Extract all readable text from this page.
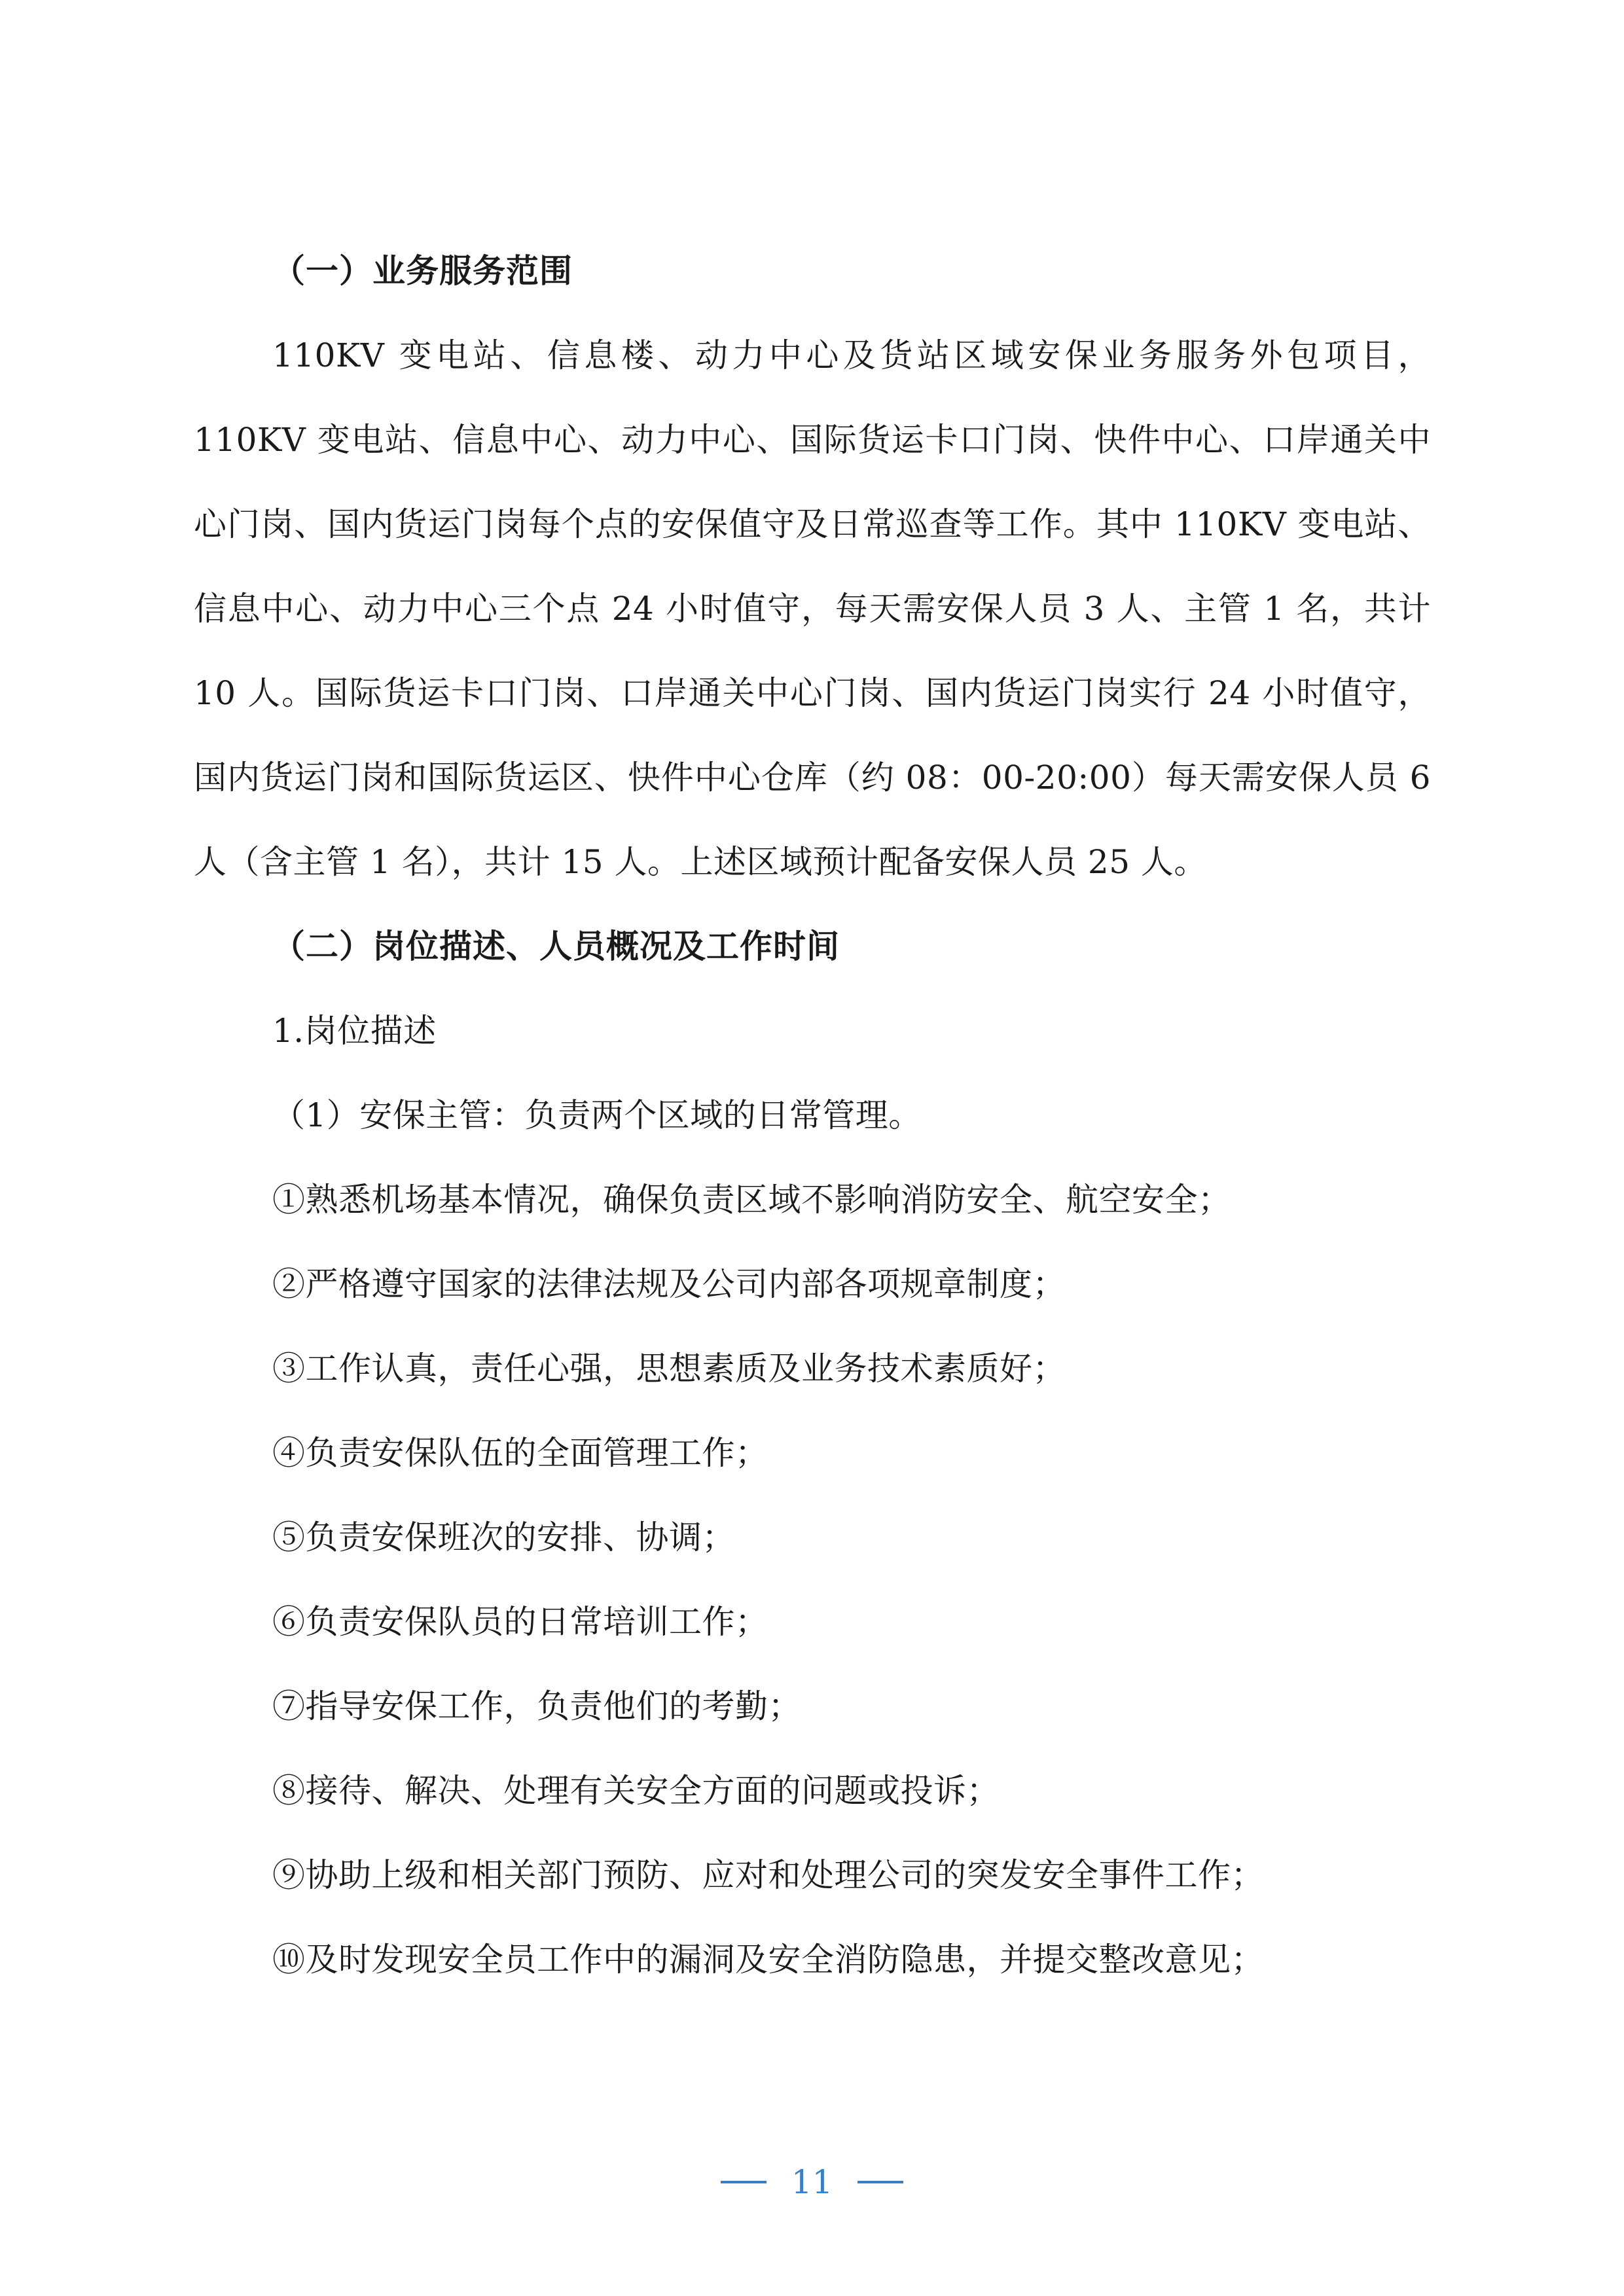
（一）业务服务范围

110KV 变电站、信息楼、动力中心及货站区域安保业务服务外包项目，110KV 变电站、信息中心、动力中心、国际货运卡口门岗、快件中心、口岸通关中心门岗、国内货运门岗每个点的安保值守及日常巡查等工作。其中 110KV 变电站、信息中心、动力中心三个点 24 小时值守，每天需安保人员 3 人、主管 1 名，共计 10 人。国际货运卡口门岗、口岸通关中心门岗、国内货运门岗实行 24 小时值守，国内货运门岗和国际货运区、快件中心仓库（约 08：00-20:00）每天需安保人员 6 人（含主管 1 名），共计 15 人。上述区域预计配备安保人员 25 人。

（二）岗位描述、人员概况及工作时间

1.岗位描述

（1）安保主管：负责两个区域的日常管理。

①熟悉机场基本情况，确保负责区域不影响消防安全、航空安全；

②严格遵守国家的法律法规及公司内部各项规章制度；

③工作认真，责任心强，思想素质及业务技术素质好；

④负责安保队伍的全面管理工作；

⑤负责安保班次的安排、协调；

⑥负责安保队员的日常培训工作；

⑦指导安保工作，负责他们的考勤；

⑧接待、解决、处理有关安全方面的问题或投诉；

⑨协助上级和相关部门预防、应对和处理公司的突发安全事件工作；

⑩及时发现安全员工作中的漏洞及安全消防隐患，并提交整改意见；

11
